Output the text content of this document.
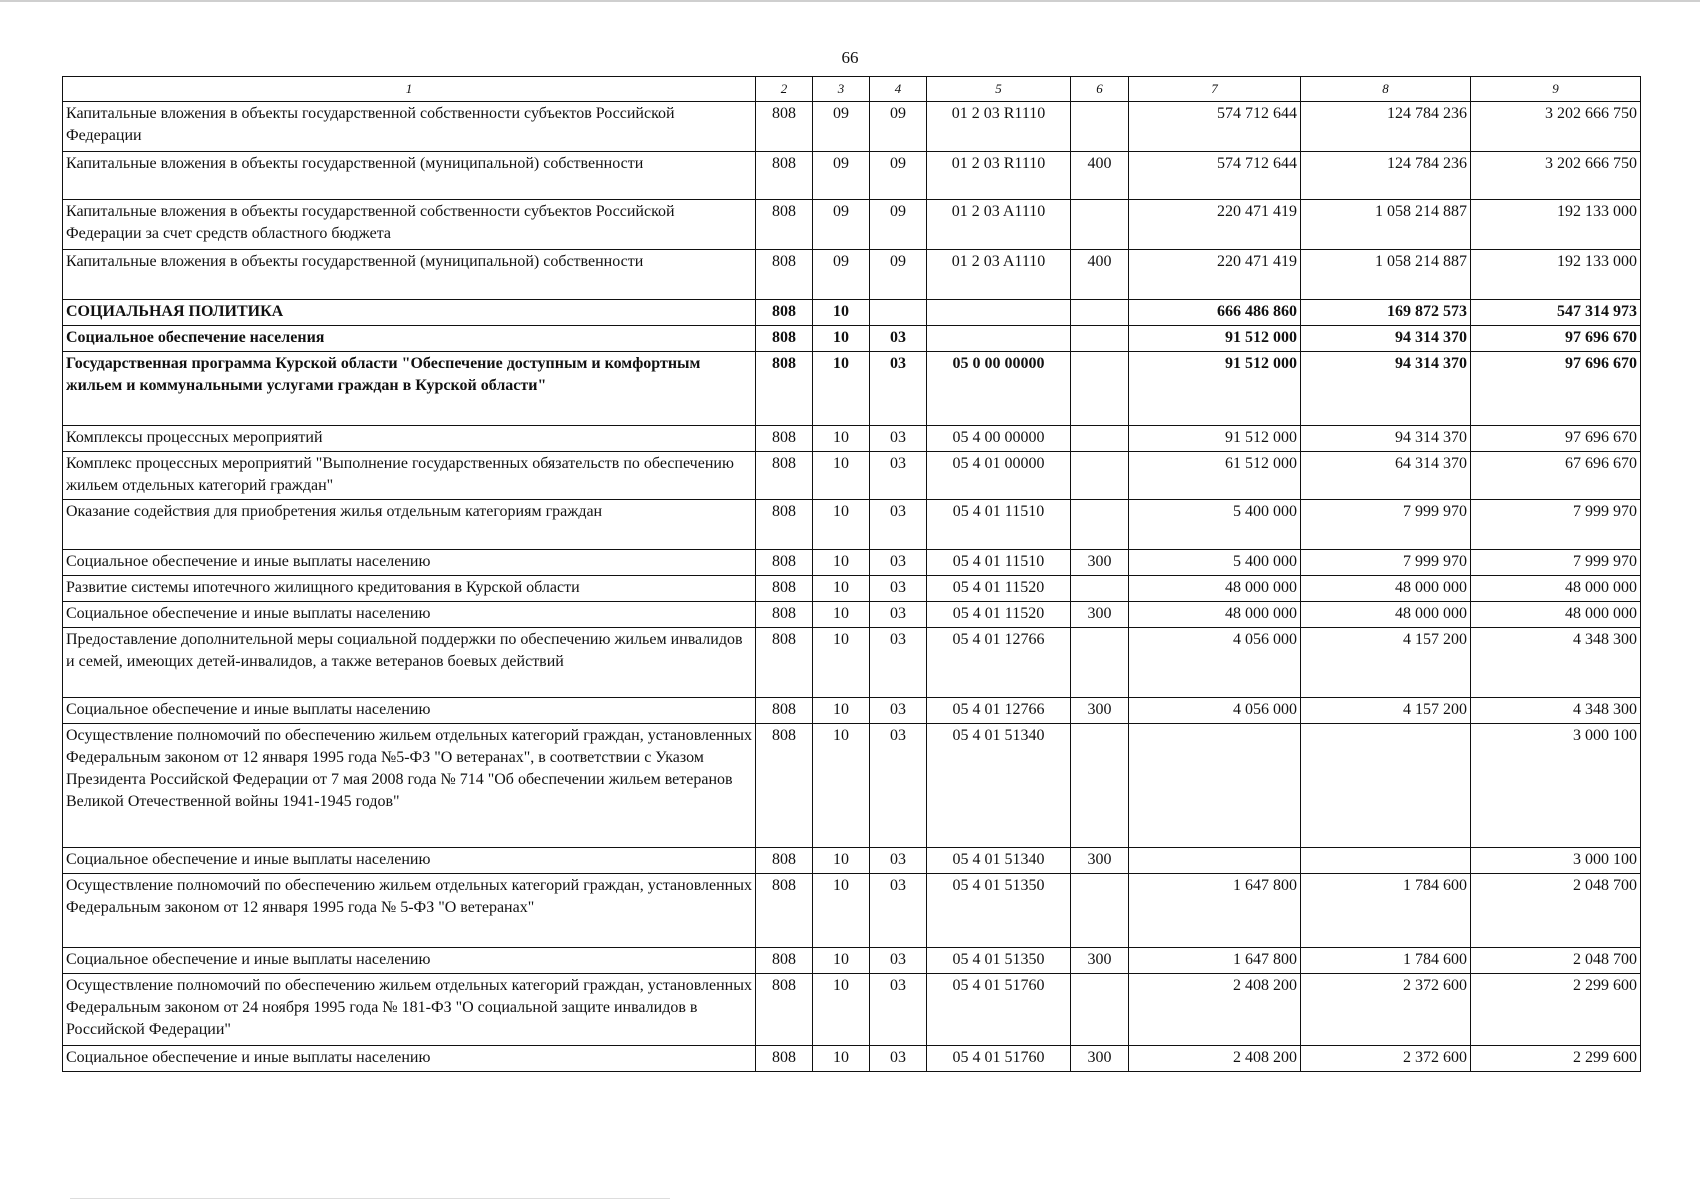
66
1	2	3	4	5	6	7	8	9
Капитальные вложения в объекты государственной собственности субъектов Российской Федерации	808	09	09	01 2 03 R1110		574 712 644	124 784 236	3 202 666 750
Капитальные вложения в объекты государственной (муниципальной) собственности	808	09	09	01 2 03 R1110	400	574 712 644	124 784 236	3 202 666 750
Капитальные вложения в объекты государственной собственности субъектов Российской Федерации за счет средств областного бюджета	808	09	09	01 2 03 A1110		220 471 419	1 058 214 887	192 133 000
Капитальные вложения в объекты государственной (муниципальной) собственности	808	09	09	01 2 03 A1110	400	220 471 419	1 058 214 887	192 133 000
СОЦИАЛЬНАЯ ПОЛИТИКА	808	10				666 486 860	169 872 573	547 314 973
Социальное обеспечение населения	808	10	03			91 512 000	94 314 370	97 696 670
Государственная программа Курской области "Обеспечение доступным и комфортным жильем и коммунальными услугами граждан в Курской области"	808	10	03	05 0 00 00000		91 512 000	94 314 370	97 696 670
Комплексы процессных мероприятий	808	10	03	05 4 00 00000		91 512 000	94 314 370	97 696 670
Комплекс процессных мероприятий "Выполнение государственных обязательств по обеспечению жильем отдельных категорий граждан"	808	10	03	05 4 01 00000		61 512 000	64 314 370	67 696 670
Оказание содействия для приобретения жилья отдельным категориям граждан	808	10	03	05 4 01 11510		5 400 000	7 999 970	7 999 970
Социальное обеспечение и иные выплаты населению	808	10	03	05 4 01 11510	300	5 400 000	7 999 970	7 999 970
Развитие системы ипотечного жилищного кредитования в Курской области	808	10	03	05 4 01 11520		48 000 000	48 000 000	48 000 000
Социальное обеспечение и иные выплаты населению	808	10	03	05 4 01 11520	300	48 000 000	48 000 000	48 000 000
Предоставление дополнительной меры социальной поддержки по обеспечению жильем инвалидов и семей, имеющих детей-инвалидов, а также ветеранов боевых действий	808	10	03	05 4 01 12766		4 056 000	4 157 200	4 348 300
Социальное обеспечение и иные выплаты населению	808	10	03	05 4 01 12766	300	4 056 000	4 157 200	4 348 300
Осуществление полномочий по обеспечению жильем отдельных категорий граждан, установленных Федеральным законом от 12 января 1995 года №5-ФЗ "О ветеранах", в соответствии с Указом Президента Российской Федерации от 7 мая 2008 года № 714 "Об обеспечении жильем ветеранов Великой Отечественной войны 1941-1945 годов"	808	10	03	05 4 01 51340				3 000 100
Социальное обеспечение и иные выплаты населению	808	10	03	05 4 01 51340	300			3 000 100
Осуществление полномочий по обеспечению жильем отдельных категорий граждан, установленных Федеральным законом от 12 января 1995 года № 5-ФЗ "О ветеранах"	808	10	03	05 4 01 51350		1 647 800	1 784 600	2 048 700
Социальное обеспечение и иные выплаты населению	808	10	03	05 4 01 51350	300	1 647 800	1 784 600	2 048 700
Осуществление полномочий по обеспечению жильем отдельных категорий граждан, установленных Федеральным законом от 24 ноября 1995 года № 181-ФЗ "О социальной защите инвалидов в Российской Федерации"	808	10	03	05 4 01 51760		2 408 200	2 372 600	2 299 600
Социальное обеспечение и иные выплаты населению	808	10	03	05 4 01 51760	300	2 408 200	2 372 600	2 299 600
